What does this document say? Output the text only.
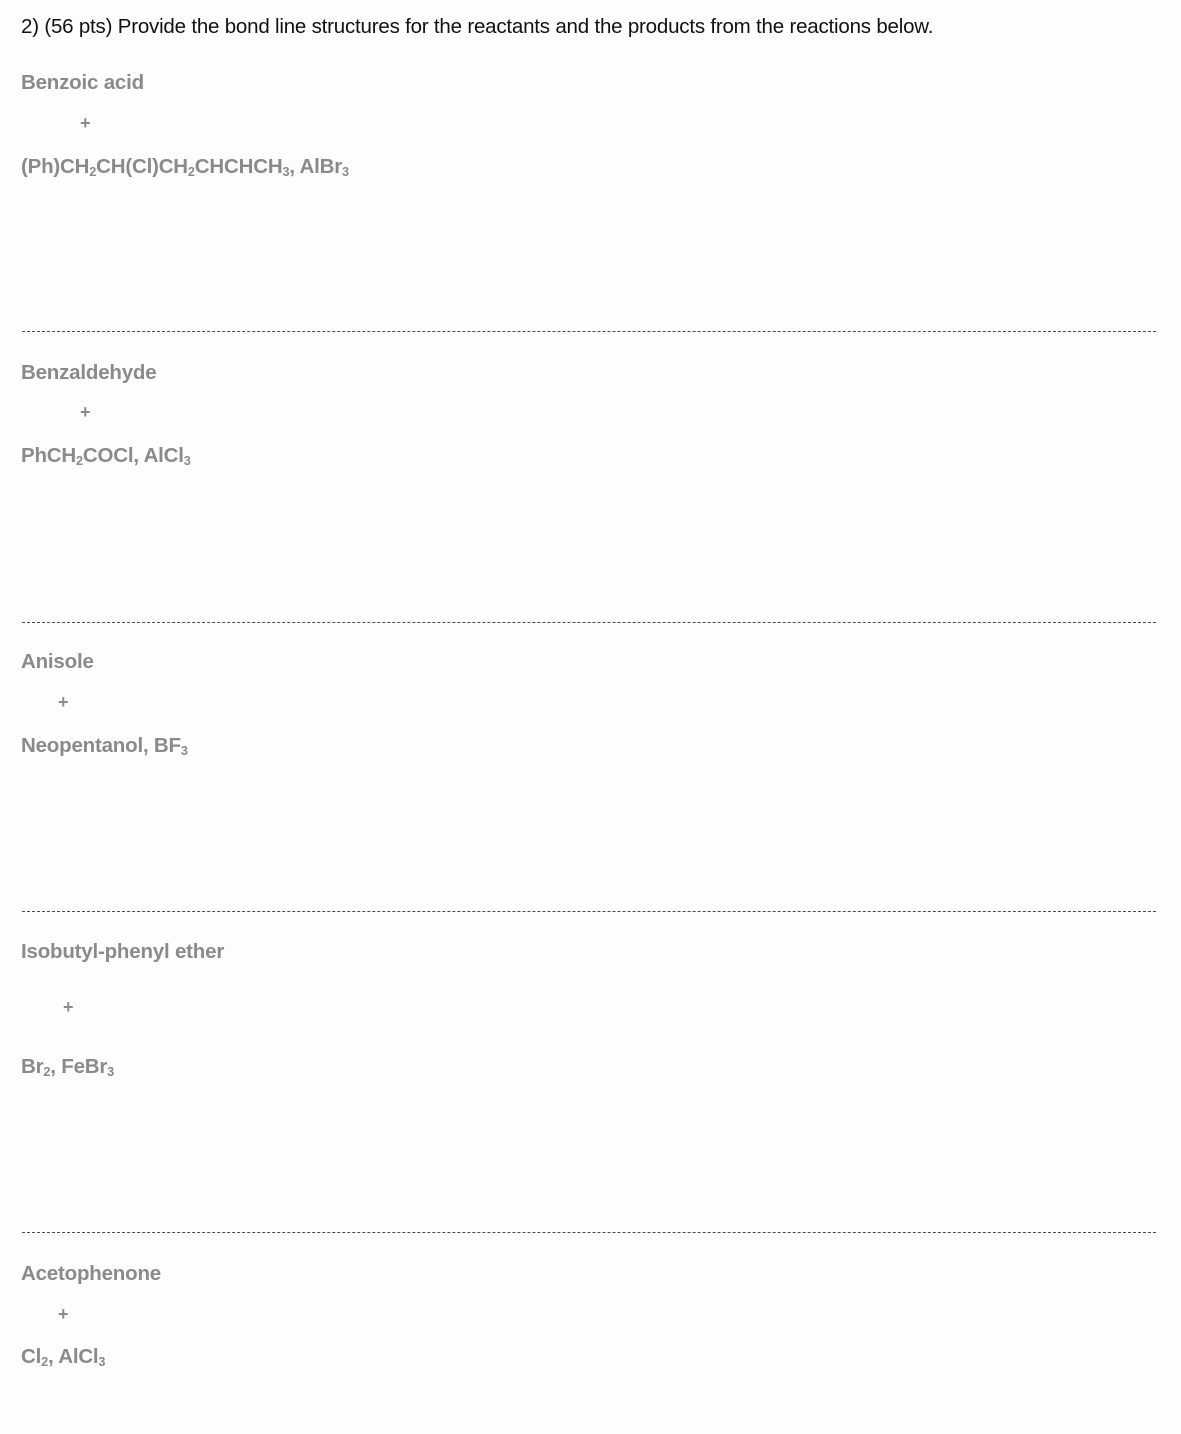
2) (56 pts) Provide the bond line structures for the reactants and the products from the reactions below.
Benzoic acid
+
$(Ph)CH_2CH(Cl)CH_2CHCHCH_3$, AlBr$_3$
Benzaldehyde
+
PhCH$_2$COCl, AlCl$_3$
Anisole
+
Neopentanol, $BF_3$
Isobutyl-phenyl ether
+
$Br_2$, FeBr$_3$
Acetophenone
+
$Cl_2$, AlCl$_3$
